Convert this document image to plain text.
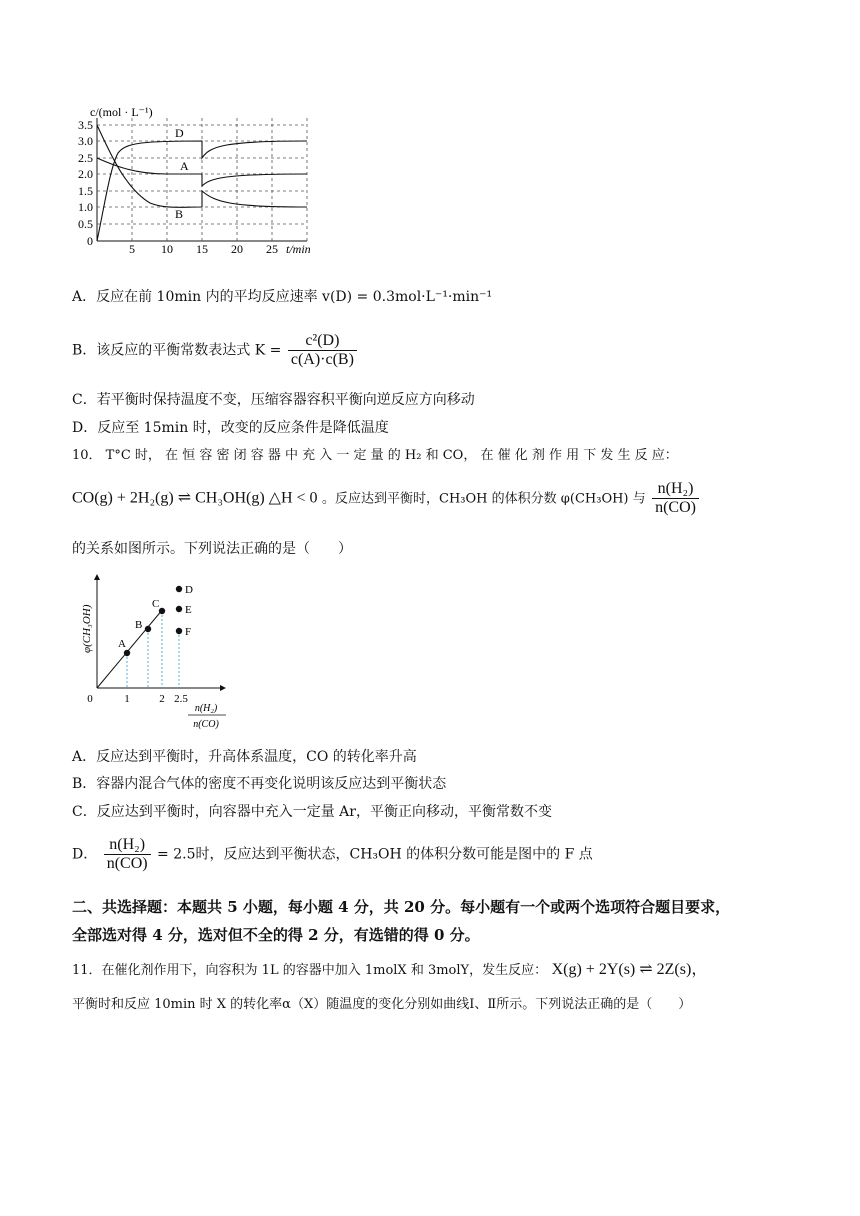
c/(mol · L⁻¹)
3.5
3.0
2.5
2.0
1.5
1.0
0.5
0
5 10 15 20 25 t/min
D
A
B
A．反应在前 10min 内的平均反应速率 v(D) = 0.3mol·L⁻¹·min⁻¹
B．该反应的平衡常数表达式 $K = \frac{\text{c²(D)}}{c(A)\cdot c(B)}$
C．若平衡时保持温度不变，压缩容器容积平衡向逆反应方向移动
D．反应至 15min 时，改变的反应条件是降低温度
10． T°C 时， 在 恒 容 密 闭 容 器 中 充 入 一 定 量 的 H₂ 和 CO， 在 催 化 剂 作 用 下 发 生 反 应：
CO(g) + 2H₂(g) ⇌ CH₃OH(g) △H < 0 。反应达到平衡时，CH₃OH 的体积分数 φ(CH₃OH) 与 $\frac{\text{n(H₂)}}{n(CO)}$
的关系如图所示。下列说法正确的是（　　）
φ(CH₃OH) A
B
C
D
E
F
0	1	2 2.5
n(H₂)
n(CO)
A．反应达到平衡时，升高体系温度，CO 的转化率升高
B．容器内混合气体的密度不再变化说明该反应达到平衡状态
C．反应达到平衡时，向容器中充入一定量 Ar，平衡正向移动，平衡常数不变
D． $\frac{\text{n(H₂)}}{n(CO)} = 2.5$时，反应达到平衡状态，CH₃OH 的体积分数可能是图中的 F 点
二、共选择题：本题共 5 小题，每小题 4 分，共 20 分。每小题有一个或两个选项符合题目要求，
全部选对得 4 分，选对但不全的得 2 分，有选错的得 0 分。
11．在催化剂作用下，向容积为 1L 的容器中加入 1molX 和 3molY，发生反应： X(g) + 2Y(s) ⇌ 2Z(s)，
平衡时和反应 10min 时 X 的转化率α（X）随温度的变化分别如曲线Ⅰ、Ⅱ所示。下列说法正确的是（　　）
